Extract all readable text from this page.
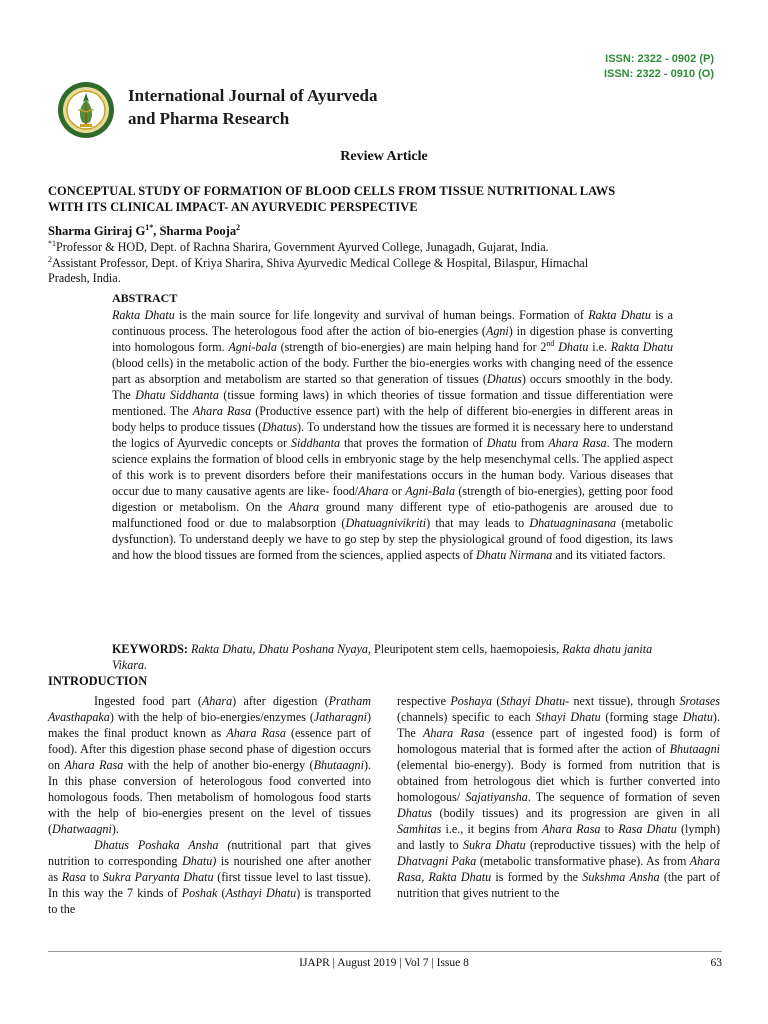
ISSN: 2322 - 0902 (P)
ISSN: 2322 - 0910 (O)
International Journal of Ayurveda
and Pharma Research
Review Article
CONCEPTUAL STUDY OF FORMATION OF BLOOD CELLS FROM TISSUE NUTRITIONAL LAWS
WITH ITS CLINICAL IMPACT- AN AYURVEDIC PERSPECTIVE
Sharma Giriraj $G^{1*}$, Sharma Pooja$^2$
$^{*1}$Professor & HOD, Dept. of Rachna Sharira, Government Ayurved College, Junagadh, Gujarat, India.
$^2$Assistant Professor, Dept. of Kriya Sharira, Shiva Ayurvedic Medical College & Hospital, Bilaspur, Himachal
Pradesh, India.
ABSTRACT
Rakta Dhatu is the main source for life longevity and survival of human beings. Formation of Rakta Dhatu is a continuous process. The heterologous food after the action of bio-energies (Agni) in digestion phase is converting into homologous form. Agni-bala (strength of bio-energies) are main helping hand for 2nd Dhatu i.e. Rakta Dhatu (blood cells) in the metabolic action of the body. Further the bio-energies works with changing need of the essence part as absorption and metabolism are started so that generation of tissues (Dhatus) occurs smoothly in the body. The Dhatu Siddhanta (tissue forming laws) in which theories of tissue formation and tissue differentiation were mentioned. The Ahara Rasa (Productive essence part) with the help of different bio-energies in different areas in body helps to produce tissues (Dhatus). To understand how the tissues are formed it is necessary here to understand the logics of Ayurvedic concepts or Siddhanta that proves the formation of Dhatu from Ahara Rasa. The modern science explains the formation of blood cells in embryonic stage by the help mesenchymal cells. The applied aspect of this work is to prevent disorders before their manifestations occurs in the human body. Various diseases that occur due to many causative agents are like- food/Ahara or Agni-Bala (strength of bio-energies), getting poor food digestion or metabolism. On the Ahara ground many different type of etio-pathogenis are aroused due to malfunctioned food or due to malabsorption (Dhatuagnivikriti) that may leads to Dhatuagninasana (metabolic dysfunction). To understand deeply we have to go step by step the physiological ground of food digestion, its laws and how the blood tissues are formed from the sciences, applied aspects of Dhatu Nirmana and its vitiated factors.
KEYWORDS: Rakta Dhatu, Dhatu Poshana Nyaya, Pleuripotent stem cells, haemopoiesis, Rakta dhatu janita Vikara.
INTRODUCTION

Ingested food part (Ahara) after digestion (Pratham Avasthapaka) with the help of bio-energies/enzymes (Jatharagni) makes the final product known as Ahara Rasa (essence part of food). After this digestion phase second phase of digestion occurs on Ahara Rasa with the help of another bio-energy (Bhutaagni). In this phase conversion of heterologous food converted into homologous foods. Then metabolism of homologous food starts with the help of bio-energies present on the level of tissues (Dhatwaagni).

Dhatus Poshaka Ansha (nutritional part that gives nutrition to corresponding Dhatu) is nourished one after another as Rasa to Sukra Paryanta Dhatu (first tissue level to last tissue). In this way the 7 kinds of Poshak (Asthayi Dhatu) is transported to the

respective Poshaya (Sthayi Dhatu- next tissue), through Srotases (channels) specific to each Sthayi Dhatu (forming stage Dhatu). The Ahara Rasa (essence part of ingested food) is form of homologous material that is formed after the action of Bhutaagni (elemental bio-energy). Body is formed from nutrition that is obtained from hetrologous diet which is further converted into homologous/ Sajatiyansha. The sequence of formation of seven Dhatus (bodily tissues) and its progression are given in all Samhitas i.e., it begins from Ahara Rasa to Rasa Dhatu (lymph) and lastly to Sukra Dhatu (reproductive tissues) with the help of Dhatvagni Paka (metabolic transformative phase). As from Ahara Rasa, Rakta Dhatu is formed by the Sukshma Ansha (the part of nutrition that gives nutrient to the

IJAPR | August 2019 | Vol 7 | Issue 8	63
